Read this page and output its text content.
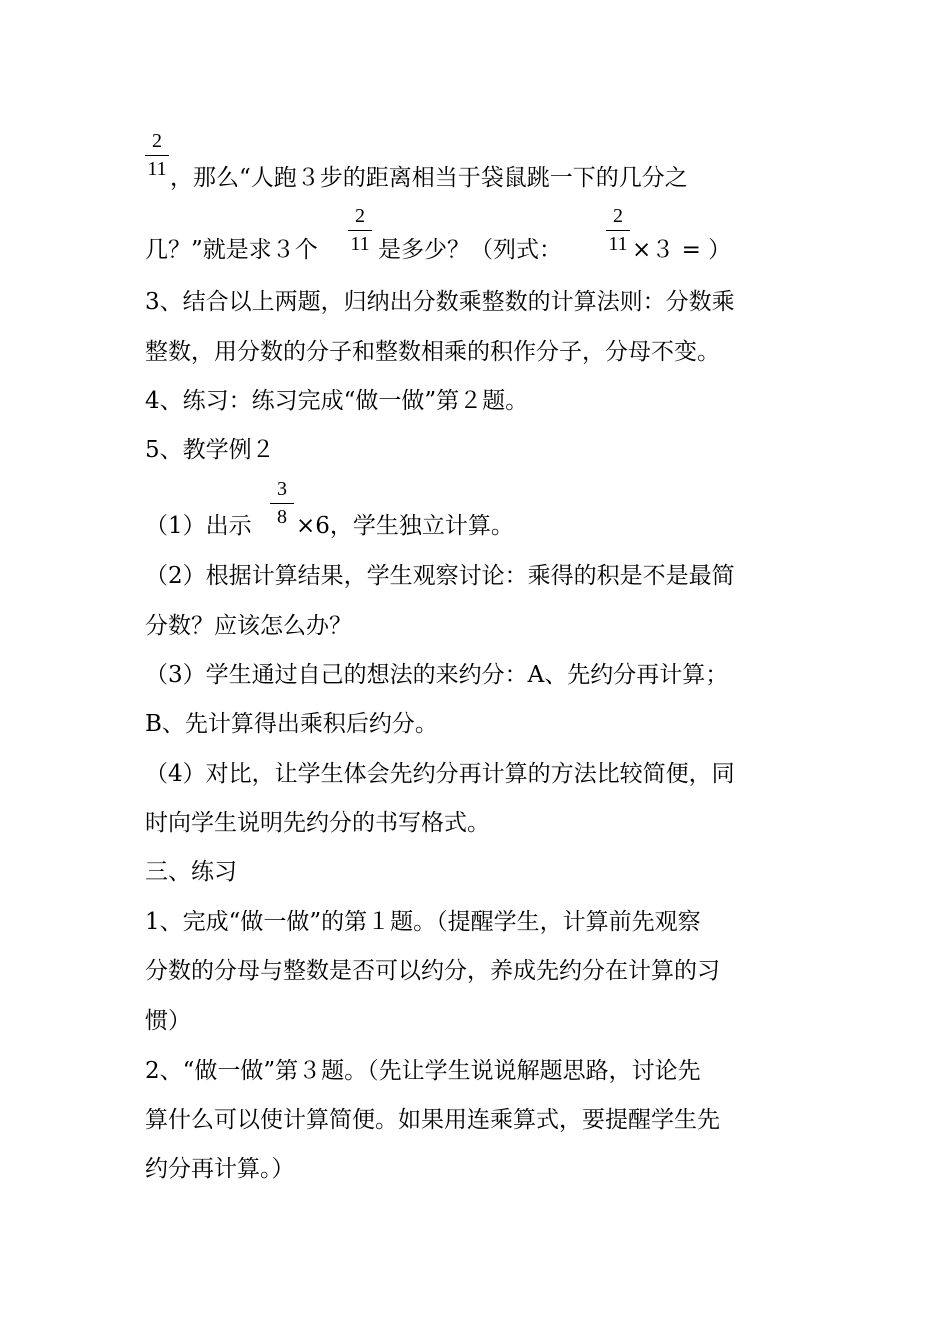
2
11 ，那么“人跑３步的距离相当于袋鼠跳一下的几分之
几？”就是求３个
2
11 是多少？（列式：
2
11 ×３ = ）
3、结合以上两题，归纳出分数乘整数的计算法则：分数乘
整数，用分数的分子和整数相乘的积作分子，分母不变。
4、练习：练习完成“做一做”第２题。
5、教学例２
（1）出示
3
8 ×6，学生独立计算。
（2）根据计算结果，学生观察讨论：乘得的积是不是最简
分数？应该怎么办？
（3）学生通过自己的想法的来约分：A、先约分再计算；
B、先计算得出乘积后约分。
（4）对比，让学生体会先约分再计算的方法比较简便，同
时向学生说明先约分的书写格式。
三、练习
1、完成“做一做”的第１题。（提醒学生，计算前先观察
分数的分母与整数是否可以约分，养成先约分在计算的习
惯）
2、“做一做”第３题。（先让学生说说解题思路，讨论先
算什么可以使计算简便。如果用连乘算式，要提醒学生先
约分再计算。）
